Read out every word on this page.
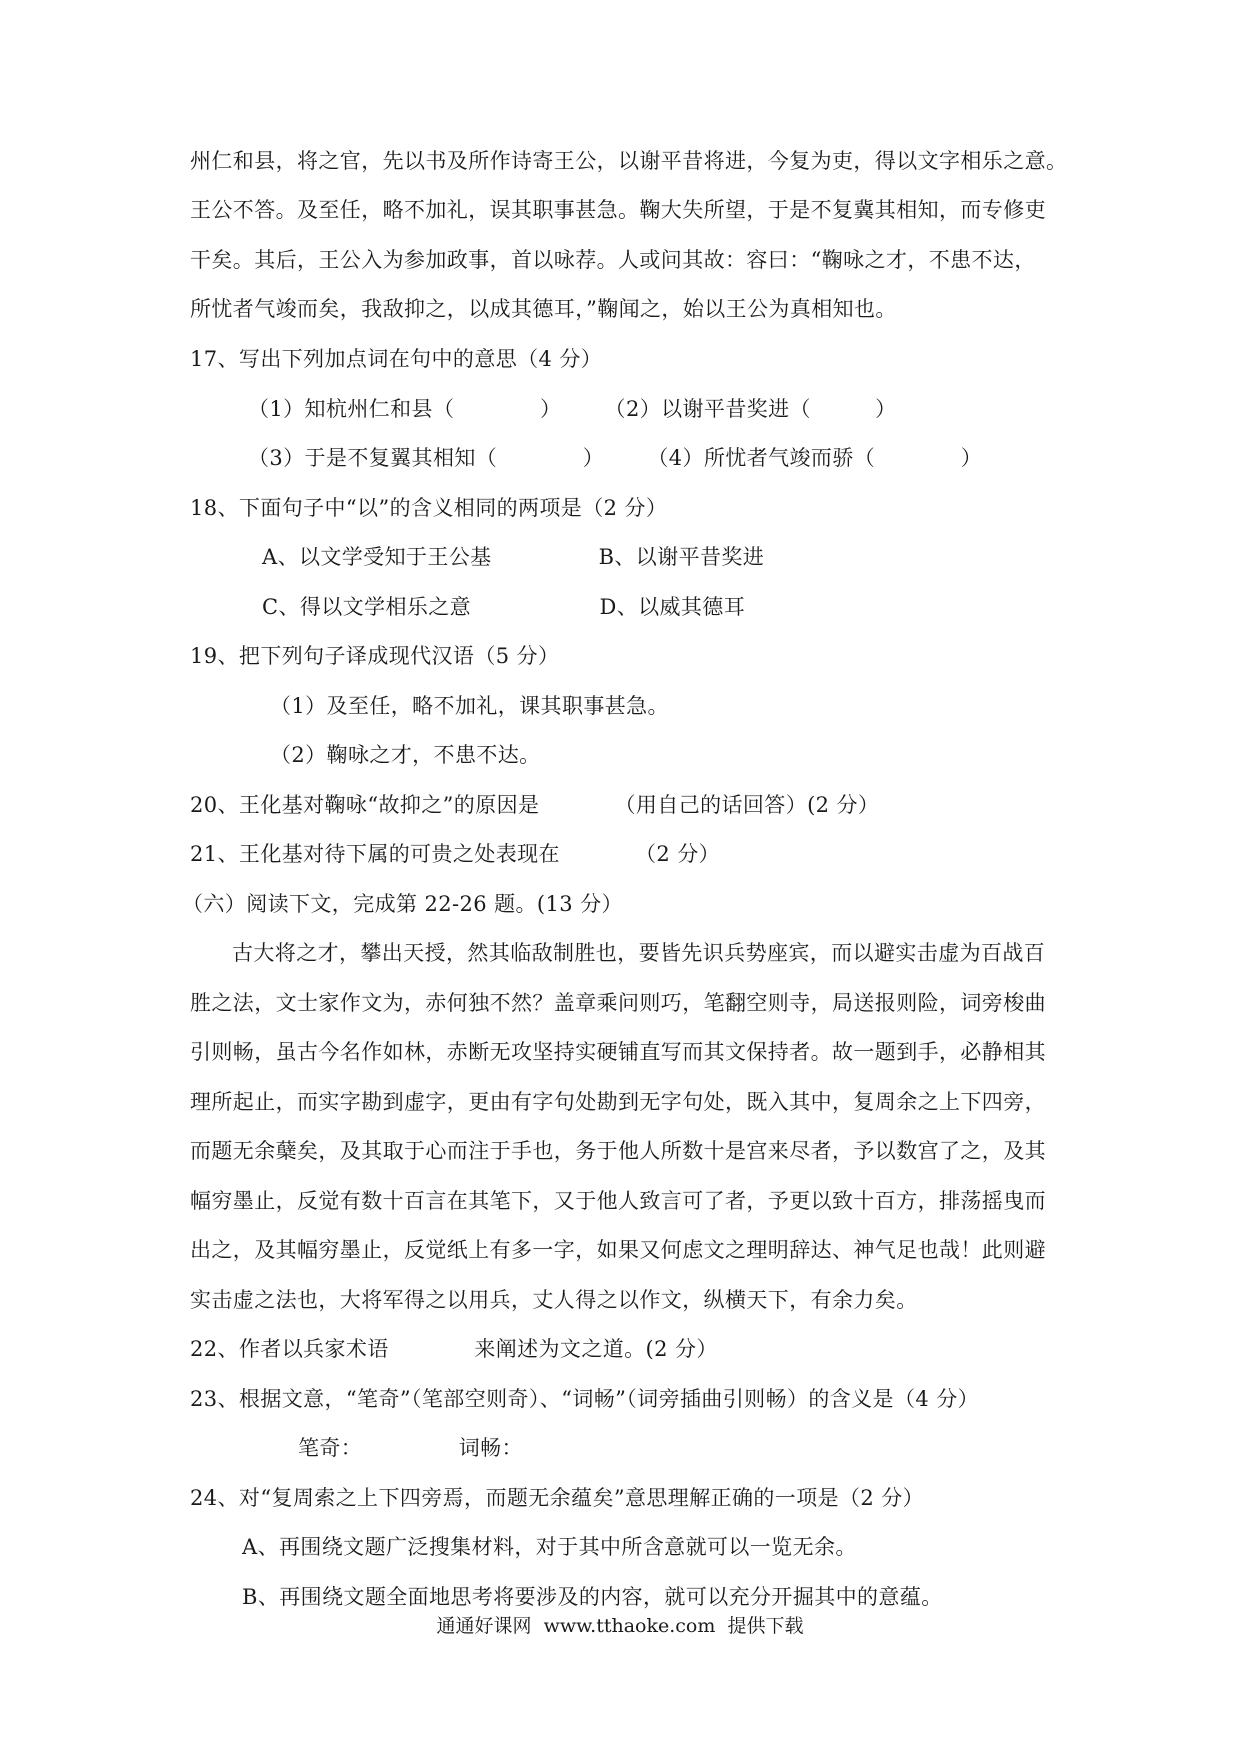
州仁和县，将之官，先以书及所作诗寄王公，以谢平昔将进，今复为吏，得以文字相乐之意。
王公不答。及至任，略不加礼，误其职事甚急。鞠大失所望，于是不复冀其相知，而专修吏
干矣。其后，王公入为参加政事，首以咏荐。人或问其故：容曰：“鞠咏之才，不患不达，
所忧者气竣而矣，我敌抑之，以成其德耳，”鞠闻之，始以王公为真相知也。
17、写出下列加点词在句中的意思（4 分）
（1）知杭州仁和县（　　　　）　　　（2）以谢平昔奖进（　　　）
（3）于是不复翼其相知（　　　　）　　　（4）所忧者气竣而骄（　　　　）
18、下面句子中“以”的含义相同的两项是（2 分）
A、以文学受知于王公基　　　　　B、以谢平昔奖进
C、得以文学相乐之意　　　　　　D、以威其德耳
19、把下列句子译成现代汉语（5 分）
（1）及至任，略不加礼，课其职事甚急。
（2）鞠咏之才，不患不达。
20、王化基对鞠咏“故抑之”的原因是　　　　（用自己的话回答）(2 分）
21、王化基对待下属的可贵之处表现在　　　　（2 分）
（六）阅读下文，完成第 22-26 题。(13 分）
古大将之才，攀出天授，然其临敌制胜也，要皆先识兵势座宾，而以避实击虚为百战百
胜之法，文士家作文为，赤何独不然？盖章乘问则巧，笔翻空则寺，局送报则险，词旁梭曲
引则畅，虽古今名作如林，赤断无攻坚持实硬铺直写而其文保持者。故一题到手，必静相其
理所起止，而实字勘到虚字，更由有字句处勘到无字句处，既入其中，复周余之上下四旁，
而题无余蘖矣，及其取于心而注于手也，务于他人所数十是宫来尽者，予以数宫了之，及其
幅穷墨止，反觉有数十百言在其笔下，又于他人致言可了者，予更以致十百方，排荡摇曳而
出之，及其幅穷墨止，反觉纸上有多一字，如果又何虑文之理明辞达、神气足也哉！此则避
实击虚之法也，大将军得之以用兵，丈人得之以作文，纵横天下，有余力矣。
22、作者以兵家术语　　　　来阐述为文之道。(2 分）
23、根据文意，“笔奇”（笔部空则奇）、“词畅”（词旁插曲引则畅）的含义是（4 分）
笔奇：　　　　　词畅：
24、对“复周索之上下四旁焉，而题无余蕴矣”意思理解正确的一项是（2 分）
A、再围绕文题广泛搜集材料，对于其中所含意就可以一览无余。
B、再围绕文题全面地思考将要涉及的内容，就可以充分开掘其中的意蕴。
通通好课网  www.tthaoke.com  提供下载
